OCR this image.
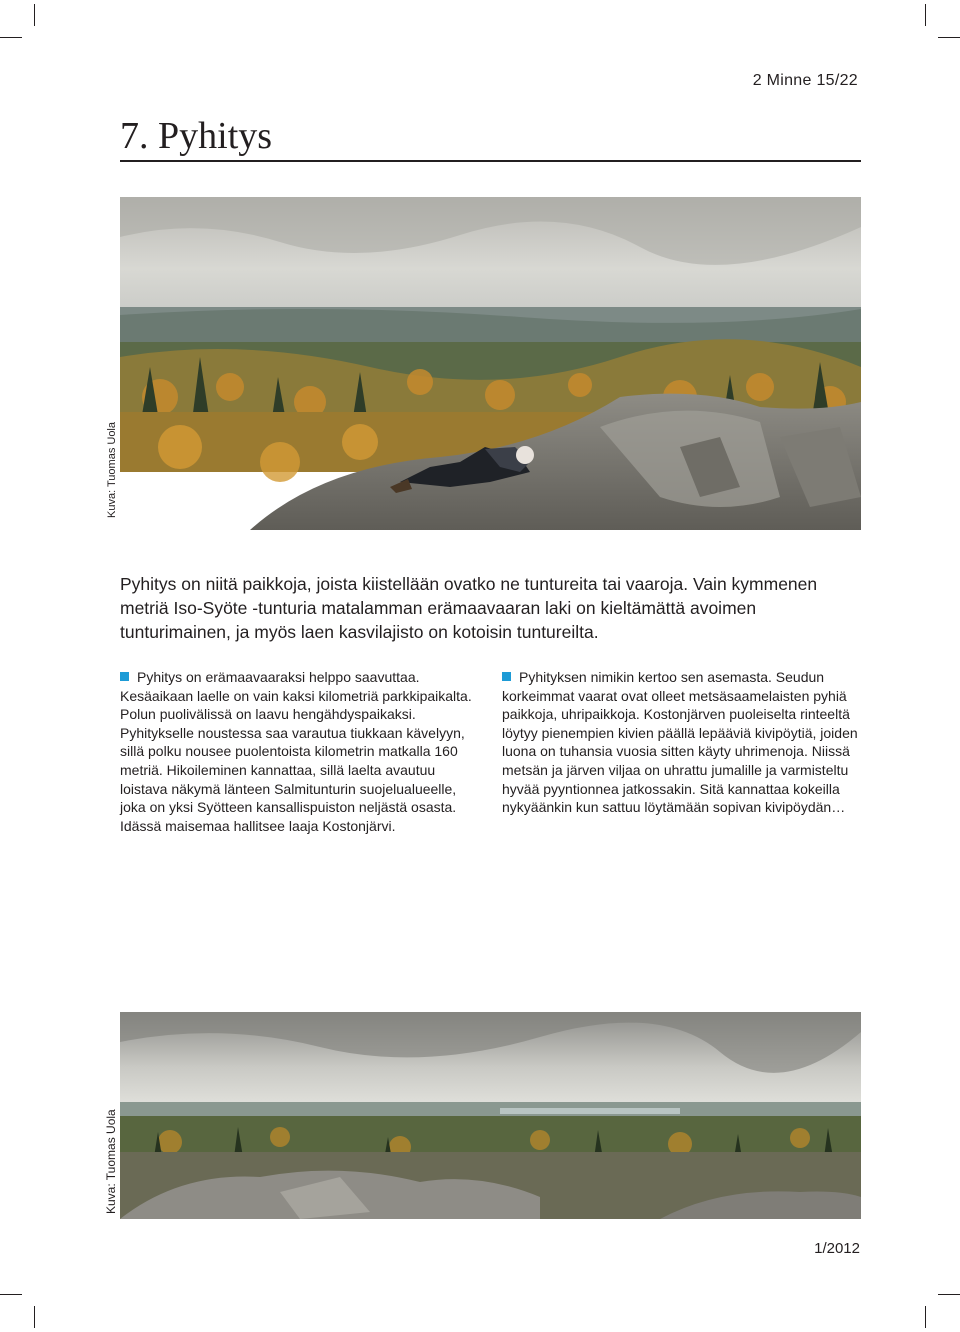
2 Minne 15/22
7. Pyhitys
Kuva: Tuomas Uola
Pyhitys on niitä paikkoja, joista kiistellään ovatko ne tuntureita tai vaaroja. Vain kymmenen metriä Iso-Syöte -tunturia matalamman erämaavaaran laki on kieltämättä avoimen tunturimainen, ja myös laen kasvilajisto on kotoisin tuntureilta.
Pyhitys on erämaavaaraksi helppo saavuttaa. Kesäaikaan laelle on vain kaksi kilometriä parkkipaikalta. Polun puolivälissä on laavu hengähdyspaikaksi. Pyhitykselle noustessa saa varautua tiukkaan kävelyyn, sillä polku nousee puolentoista kilometrin matkalla 160 metriä. Hikoileminen kannattaa, sillä laelta avautuu loistava näkymä länteen Salmitunturin suojelualueelle, joka on yksi Syötteen kansallispuiston neljästä osasta. Idässä maisemaa hallitsee laaja Kostonjärvi.
Pyhityksen nimikin kertoo sen asemasta. Seudun korkeimmat vaarat ovat olleet metsäsaamelaisten pyhiä paikkoja, uhripaikkoja. Kostonjärven puoleiselta rinteeltä löytyy pienempien kivien päällä lepääviä kivipöytiä, joiden luona on tuhansia vuosia sitten käyty uhrimenoja. Niissä metsän ja järven viljaa on uhrattu jumalille ja varmisteltu hyvää pyyntionnea jatkossakin. Sitä kannattaa kokeilla nykyäänkin kun sattuu löytämään sopivan kivipöydän…
Kuva: Tuomas Uola
1/2012
